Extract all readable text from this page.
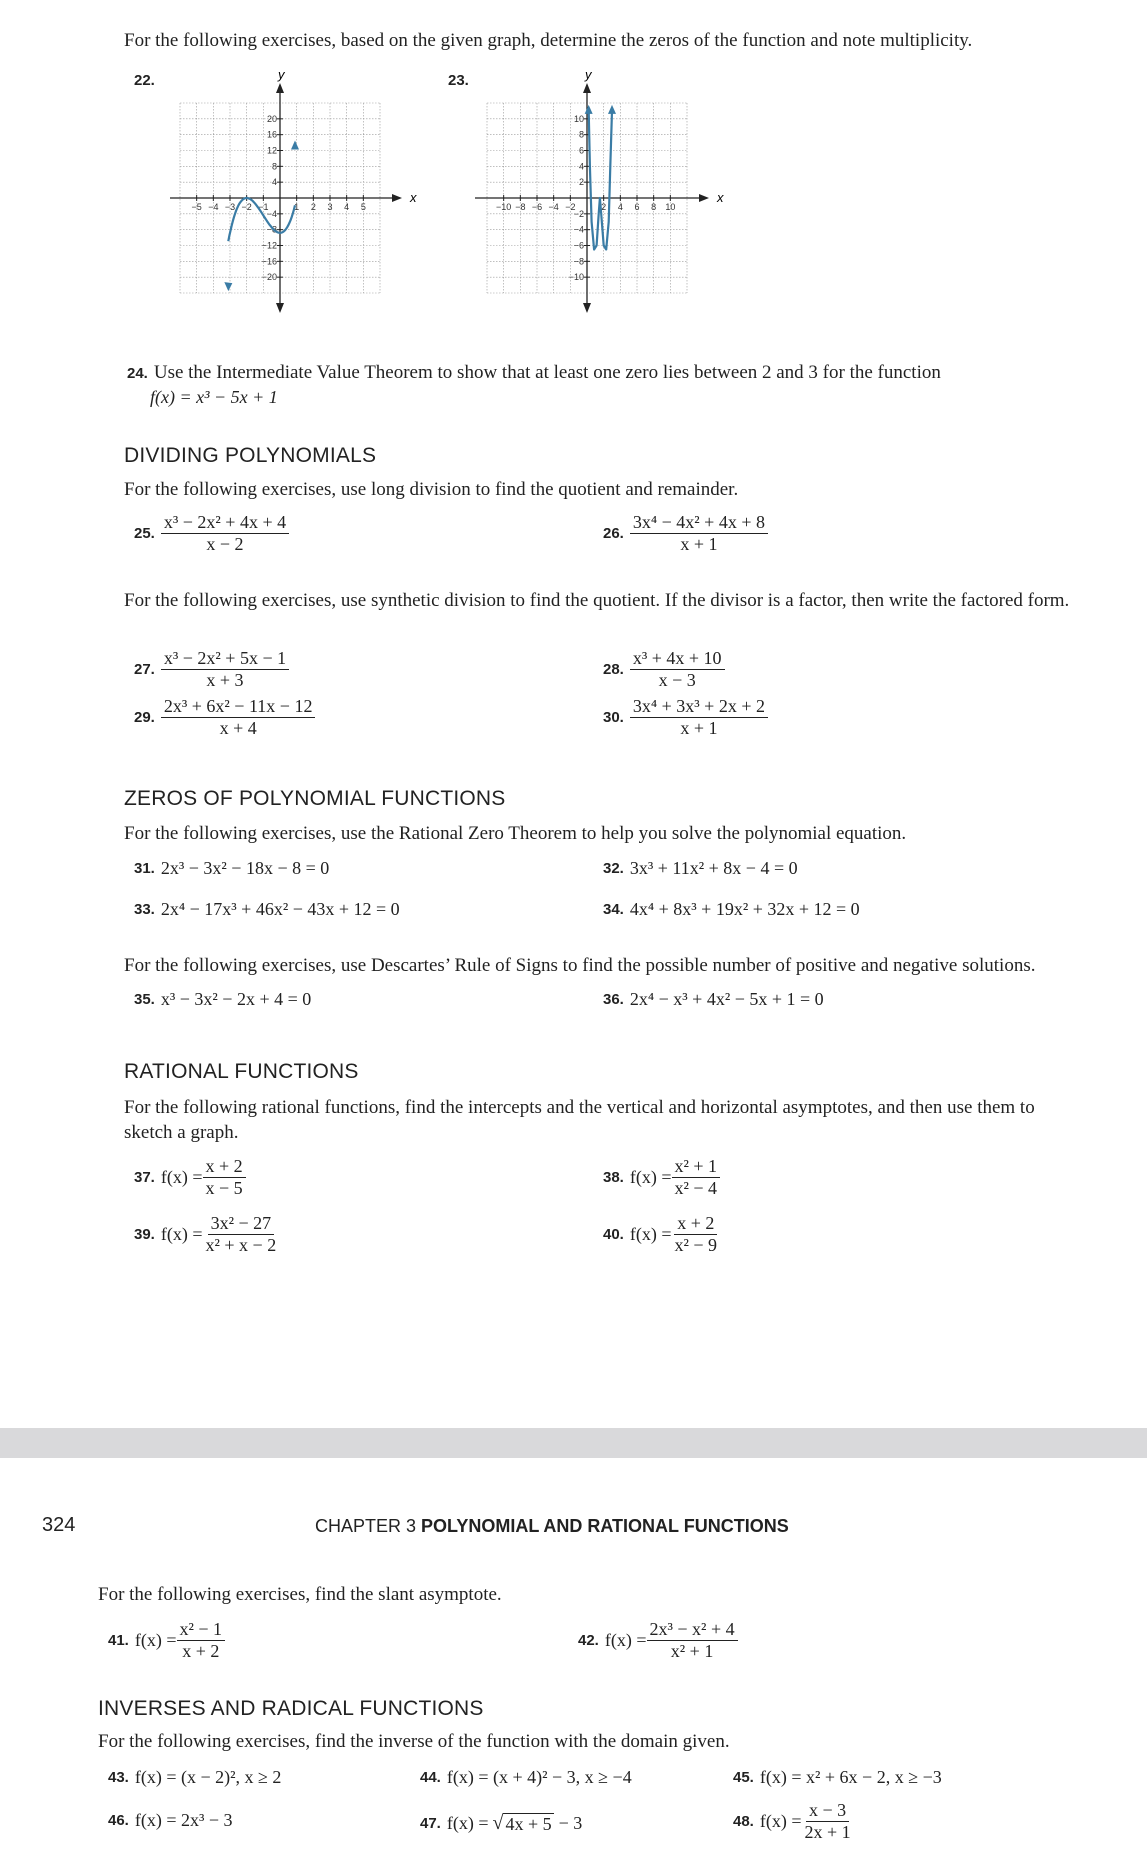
For the following exercises, based on the given graph, determine the zeros of the function and note multiplicity.
22.	y
x
20
16
12
8
4
−4
−8
−12
−16
−20
−5 −4 −3 −2 −1	1 2 3 4 5
23.	y
x
10
8
6
4
2
−2
−4
−6
−8
−10
−10 −8 −6 −4 −2	2 4 6 8 10
24. Use the Intermediate Value Theorem to show that at least one zero lies between 2 and 3 for the function
f(x) = x³ − 5x + 1
DIVIDING POLYNOMIALS
For the following exercises, use long division to find the quotient and remainder.
25. $\frac{\text{x³ − 2x² + 4x + 4}}{x - 2}$	26. $\frac{\text{3x⁴ − 4x² + 4x + 8}}{x + 1}$
For the following exercises, use synthetic division to find the quotient. If the divisor is a factor, then write the factored form.
27. $\frac{\text{x³ − 2x² + 5x − 1}}{x + 3}$	28. $\frac{\text{x³ + 4x + 10}}{x - 3}$
29. $\frac{\text{2x³ + 6x² − 11x − 12}}{x + 4}$	30. $\frac{\text{3x⁴ + 3x³ + 2x + 2}}{x + 1}$
ZEROS OF POLYNOMIAL FUNCTIONS
For the following exercises, use the Rational Zero Theorem to help you solve the polynomial equation.
31. 2x³ − 3x² − 18x − 8 = 0	32. 3x³ + 11x² + 8x − 4 = 0
33. 2x⁴ − 17x³ + 46x² − 43x + 12 = 0	34. 4x⁴ + 8x³ + 19x² + 32x + 12 = 0
For the following exercises, use Descartes’ Rule of Signs to find the possible number of positive and negative solutions.
35. x³ − 3x² − 2x + 4 = 0	36. 2x⁴ − x³ + 4x² − 5x + 1 = 0
RATIONAL FUNCTIONS
For the following rational functions, find the intercepts and the vertical and horizontal asymptotes, and then use them to sketch a graph.
37. $f(x) = \frac{x + 2}{x - 5}$	38. $f(x) = \frac{\text{x² + 1}}{\text{x² − 4}}$
39. $f(x) = \frac{\text{3x² − 27}}{\text{x² + x − 2}}$	40. $f(x) = \frac{x + 2}{\text{x² − 9}}$
324	CHAPTER 3 POLYNOMIAL AND RATIONAL FUNCTIONS
For the following exercises, find the slant asymptote.
41. $f(x) = \frac{\text{x² − 1}}{x + 2}$	42. $f(x) = \frac{\text{2x³ − x² + 4}}{\text{x² + 1}}$
INVERSES AND RADICAL FUNCTIONS
For the following exercises, find the inverse of the function with the domain given.
43. f(x) = (x − 2)², x ≥ 2	44. f(x) = (x + 4)² − 3, x ≥ −4	45. f(x) = x² + 6x − 2, x ≥ −3
46. f(x) = 2x³ − 3	47. f(x) = √ 4x + 5 − 3	48. $f(x) = \frac{x - 3}{2x + 1}$
